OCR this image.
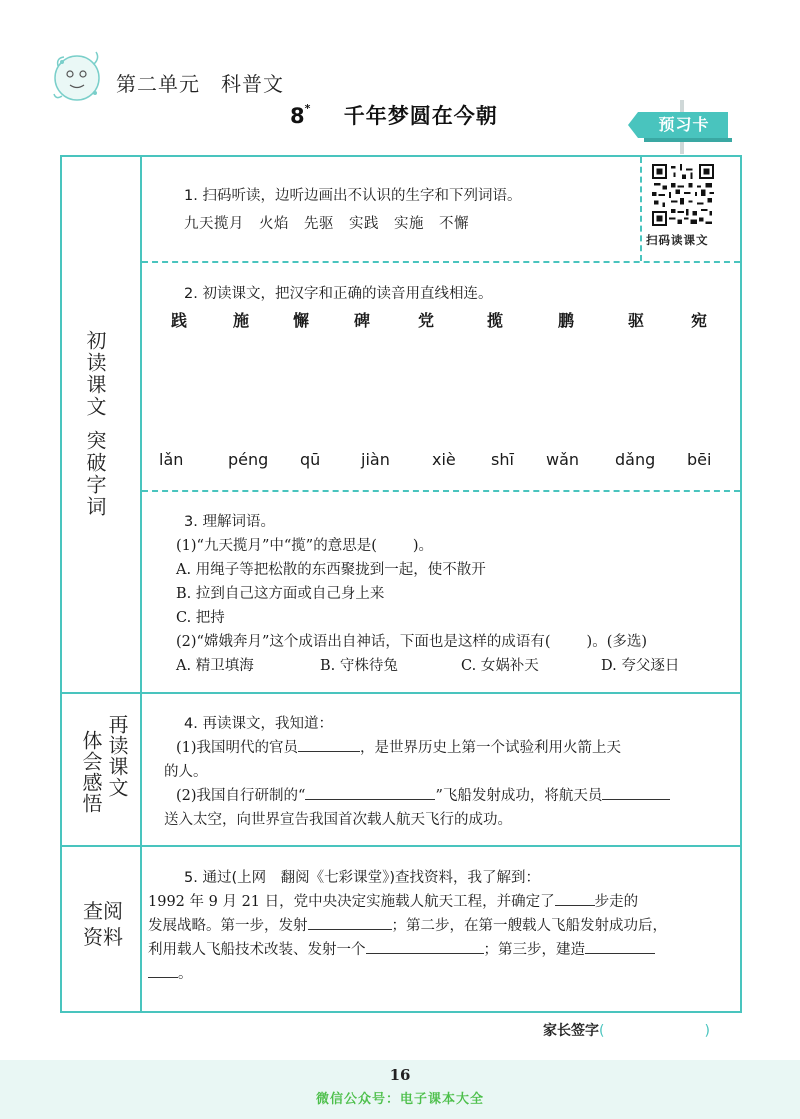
第二单元　科普文
8* 千年梦圆在今朝	预习卡
初读课文
突破字词
再读课文
体会感悟
查阅资料

1. 扫码听读，边听边画出不认识的生字和下列词语。

九天揽月　火焰　先驱　实践　实施　不懈

扫码读课文

2. 初读课文，把汉字和正确的读音用直线相连。

践	施	懈	碑	党	揽	鹏	驱	宛
lǎn	péng qū	jiàn	xiè shī wǎn dǎng bēi

3. 理解词语。

(1)“九天揽月”中“揽”的意思是( )。

A. 用绳子等把松散的东西聚拢到一起，使不散开

B. 拉到自己这方面或自己身上来

C. 把持

(2)“嫦娥奔月”这个成语出自神话，下面也是这样的成语有( )。(多选)

A. 精卫填海	B. 守株待兔	C. 女娲补天	D. 夸父逐日

4. 再读课文，我知道：

(1)我国明代的官员	，是世界历史上第一个试验利用火箭上天

的人。

(2)我国自行研制的“	”飞船发射成功，将航天员

送入太空，向世界宣告我国首次载人航天飞行的成功。

5. 通过(上网　翻阅《七彩课堂》)查找资料，我了解到：

1992 年 9 月 21 日，党中央决定实施载人航天工程，并确定了	步走的

发展战略。第一步，发射	；第二步，在第一艘载人飞船发射成功后，

利用载人飞船技术改装、发射一个	；第三步，建造

。

家长签字(	)
16
微信公众号：电子课本大全
